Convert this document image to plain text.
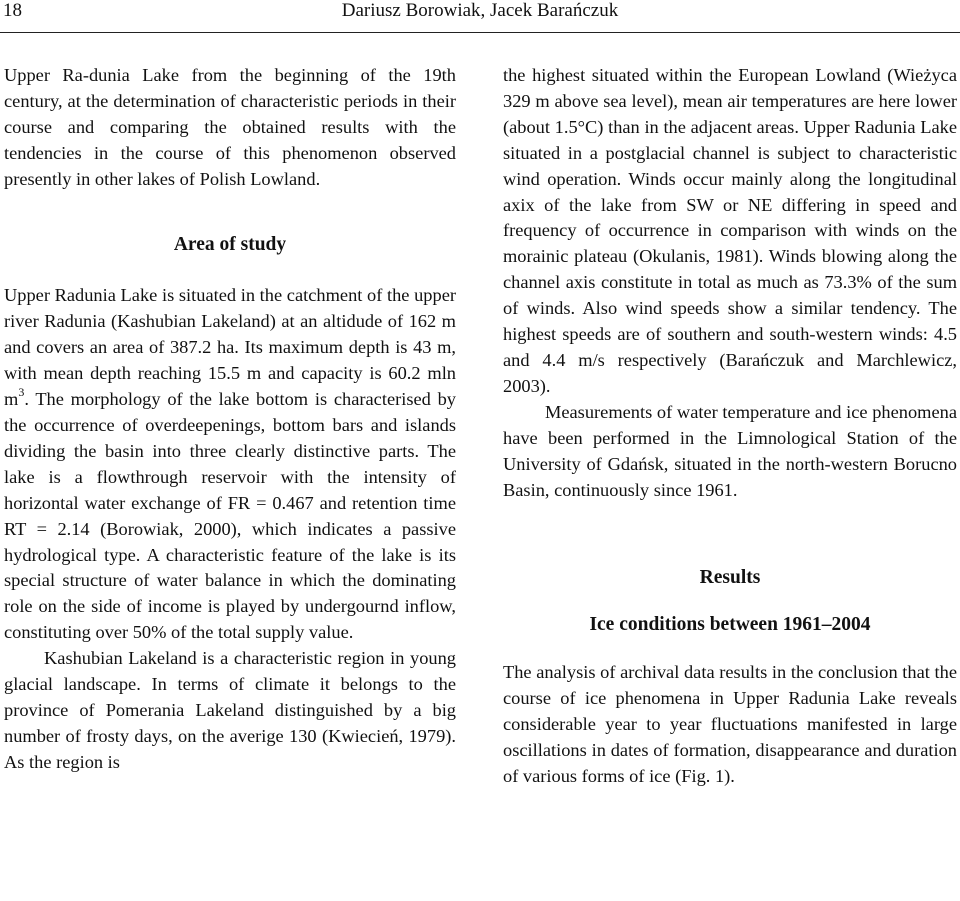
18	Dariusz Borowiak, Jacek Barańczuk

Upper Ra-dunia Lake from the beginning of the 19th century, at the determination of characteristic periods in their course and comparing the obtained results with the tendencies in the course of this phenomenon observed presently in other lakes of Polish Lowland.

Area of study

Upper Radunia Lake is situated in the catchment of the upper river Radunia (Kashubian Lakeland) at an altidude of 162 m and covers an area of 387.2 ha. Its maximum depth is 43 m, with mean depth reaching 15.5 m and capacity is 60.2 mln $m^3$. The morphology of the lake bottom is characterised by the occurrence of overdeepenings, bottom bars and islands dividing the basin into three clearly distinctive parts. The lake is a flowthrough reservoir with the intensity of horizontal water exchange of FR = 0.467 and retention time RT = 2.14 (Borowiak, 2000), which indicates a passive hydrological type. A characteristic feature of the lake is its special structure of water balance in which the dominating role on the side of income is played by undergournd inflow, constituting over 50% of the total supply value.

Kashubian Lakeland is a characteristic region in young glacial landscape. In terms of climate it belongs to the province of Pomerania Lakeland distinguished by a big number of frosty days, on the averige 130 (Kwiecień, 1979). As the region is

the highest situated within the European Lowland (Wieżyca 329 m above sea level), mean air temperatures are here lower (about 1.5°C) than in the adjacent areas. Upper Radunia Lake situated in a postglacial channel is subject to characteristic wind operation. Winds occur mainly along the longitudinal axix of the lake from SW or NE differing in speed and frequency of occurrence in comparison with winds on the morainic plateau (Okulanis, 1981). Winds blowing along the channel axis constitute in total as much as 73.3% of the sum of winds. Also wind speeds show a similar tendency. The highest speeds are of southern and south-western winds: 4.5 and 4.4 m/s respectively (Barańczuk and Marchlewicz, 2003).

Measurements of water temperature and ice phenomena have been performed in the Limnological Station of the University of Gdańsk, situated in the north-western Borucno Basin, continuously since 1961.

Results
Ice conditions between 1961–2004

The analysis of archival data results in the conclusion that the course of ice phenomena in Upper Radunia Lake reveals considerable year to year fluctuations manifested in large oscillations in dates of formation, disappearance and duration of various forms of ice (Fig. 1).
